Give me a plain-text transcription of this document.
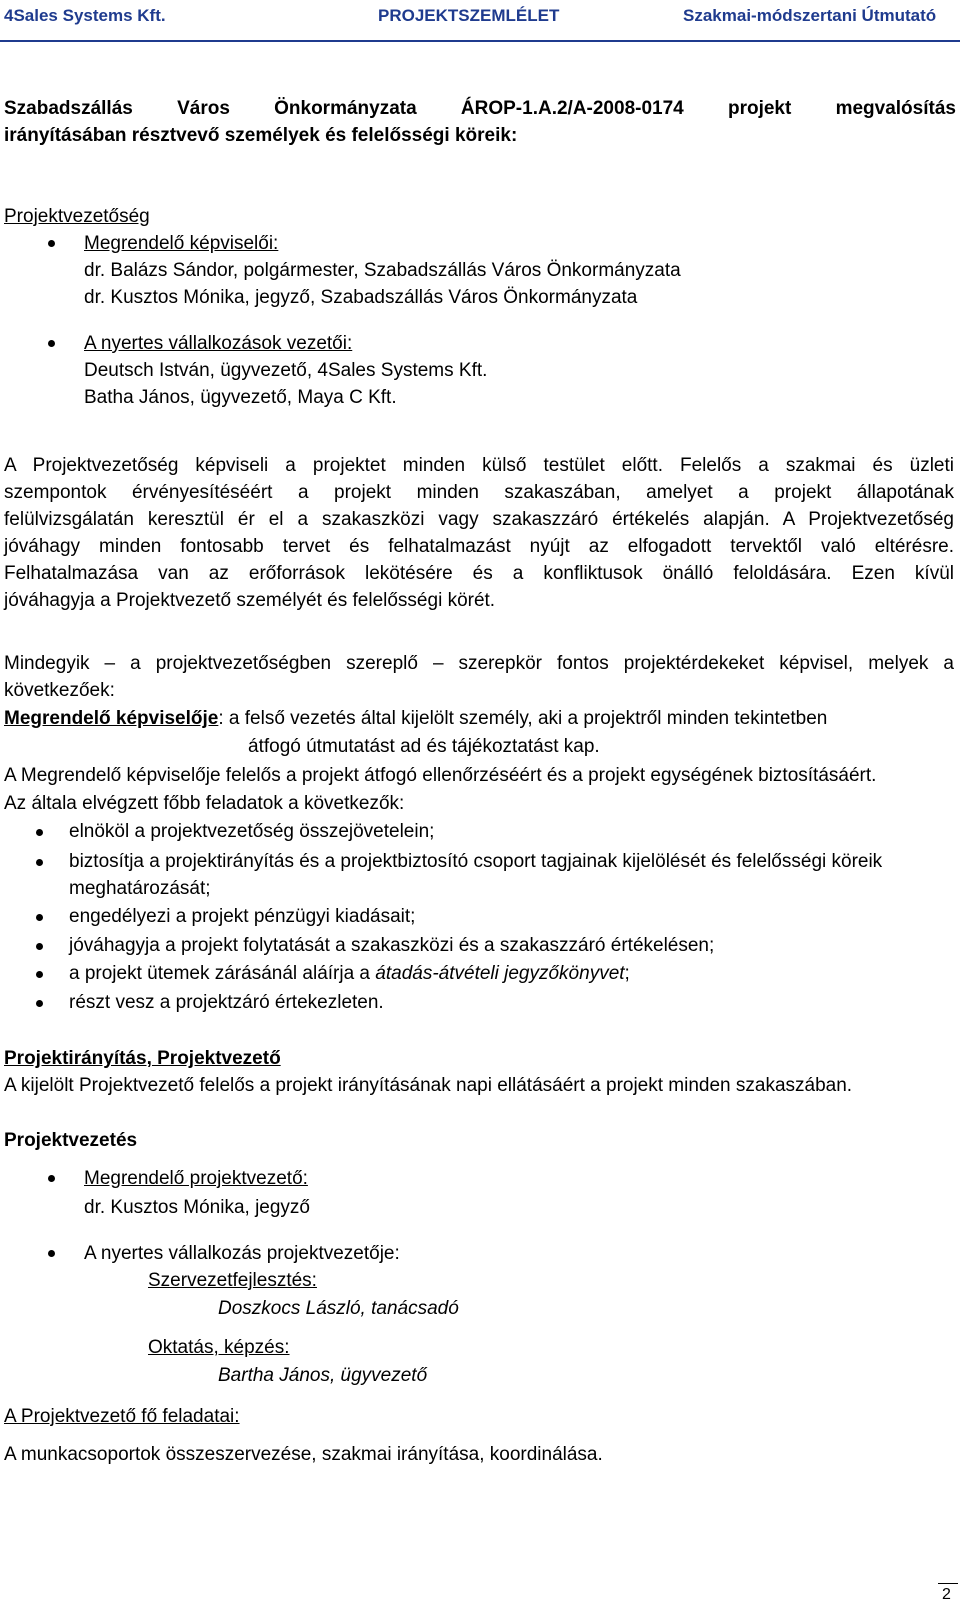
4Sales Systems Kft.	PROJEKTSZEMLÉLET	Szakmai-módszertani Útmutató
Szabadszállás Város Önkormányzata ÁROP-1.A.2/A-2008-0174 projekt megvalósítás
irányításában résztvevő személyek és felelősségi köreik:
Projektvezetőség
Megrendelő képviselői:
dr. Balázs Sándor, polgármester, Szabadszállás Város Önkormányzata
dr. Kusztos Mónika, jegyző, Szabadszállás Város Önkormányzata
A nyertes vállalkozások vezetői:
Deutsch István, ügyvezető, 4Sales Systems Kft.
Batha János, ügyvezető, Maya C Kft.
A Projektvezetőség képviseli a projektet minden külső testület előtt. Felelős a szakmai és üzleti
szempontok érvényesítéséért a projekt minden szakaszában, amelyet a projekt állapotának
felülvizsgálatán keresztül ér el a szakaszközi vagy szakaszzáró értékelés alapján. A Projektvezetőség
jóváhagy minden fontosabb tervet és felhatalmazást nyújt az elfogadott tervektől való eltérésre.
Felhatalmazása van az erőforrások lekötésére és a konfliktusok önálló feloldására. Ezen kívül
jóváhagyja a Projektvezető személyét és felelősségi körét.
Mindegyik – a projektvezetőségben szereplő – szerepkör fontos projektérdekeket képvisel, melyek a
következőek:
Megrendelő képviselője: a felső vezetés által kijelölt személy, aki a projektről minden tekintetben
átfogó útmutatást ad és tájékoztatást kap.
A Megrendelő képviselője felelős a projekt átfogó ellenőrzéséért és a projekt egységének biztosításáért.
Az általa elvégzett főbb feladatok a következők:
elnököl a projektvezetőség összejövetelein;
biztosítja a projektirányítás és a projektbiztosító csoport tagjainak kijelölését és felelősségi köreik
meghatározását;
engedélyezi a projekt pénzügyi kiadásait;
jóváhagyja a projekt folytatását a szakaszközi és a szakaszzáró értékelésen;
a projekt ütemek zárásánál aláírja a átadás-átvételi jegyzőkönyvet;
részt vesz a projektzáró értekezleten.
Projektirányítás, Projektvezető
A kijelölt Projektvezető felelős a projekt irányításának napi ellátásáért a projekt minden szakaszában.
Projektvezetés
Megrendelő projektvezető:
dr. Kusztos Mónika, jegyző
A nyertes vállalkozás projektvezetője:
Szervezetfejlesztés:
Doszkocs László, tanácsadó
Oktatás, képzés:
Bartha János, ügyvezető
A Projektvezető fő feladatai:
A munkacsoportok összeszervezése, szakmai irányítása, koordinálása.
2
